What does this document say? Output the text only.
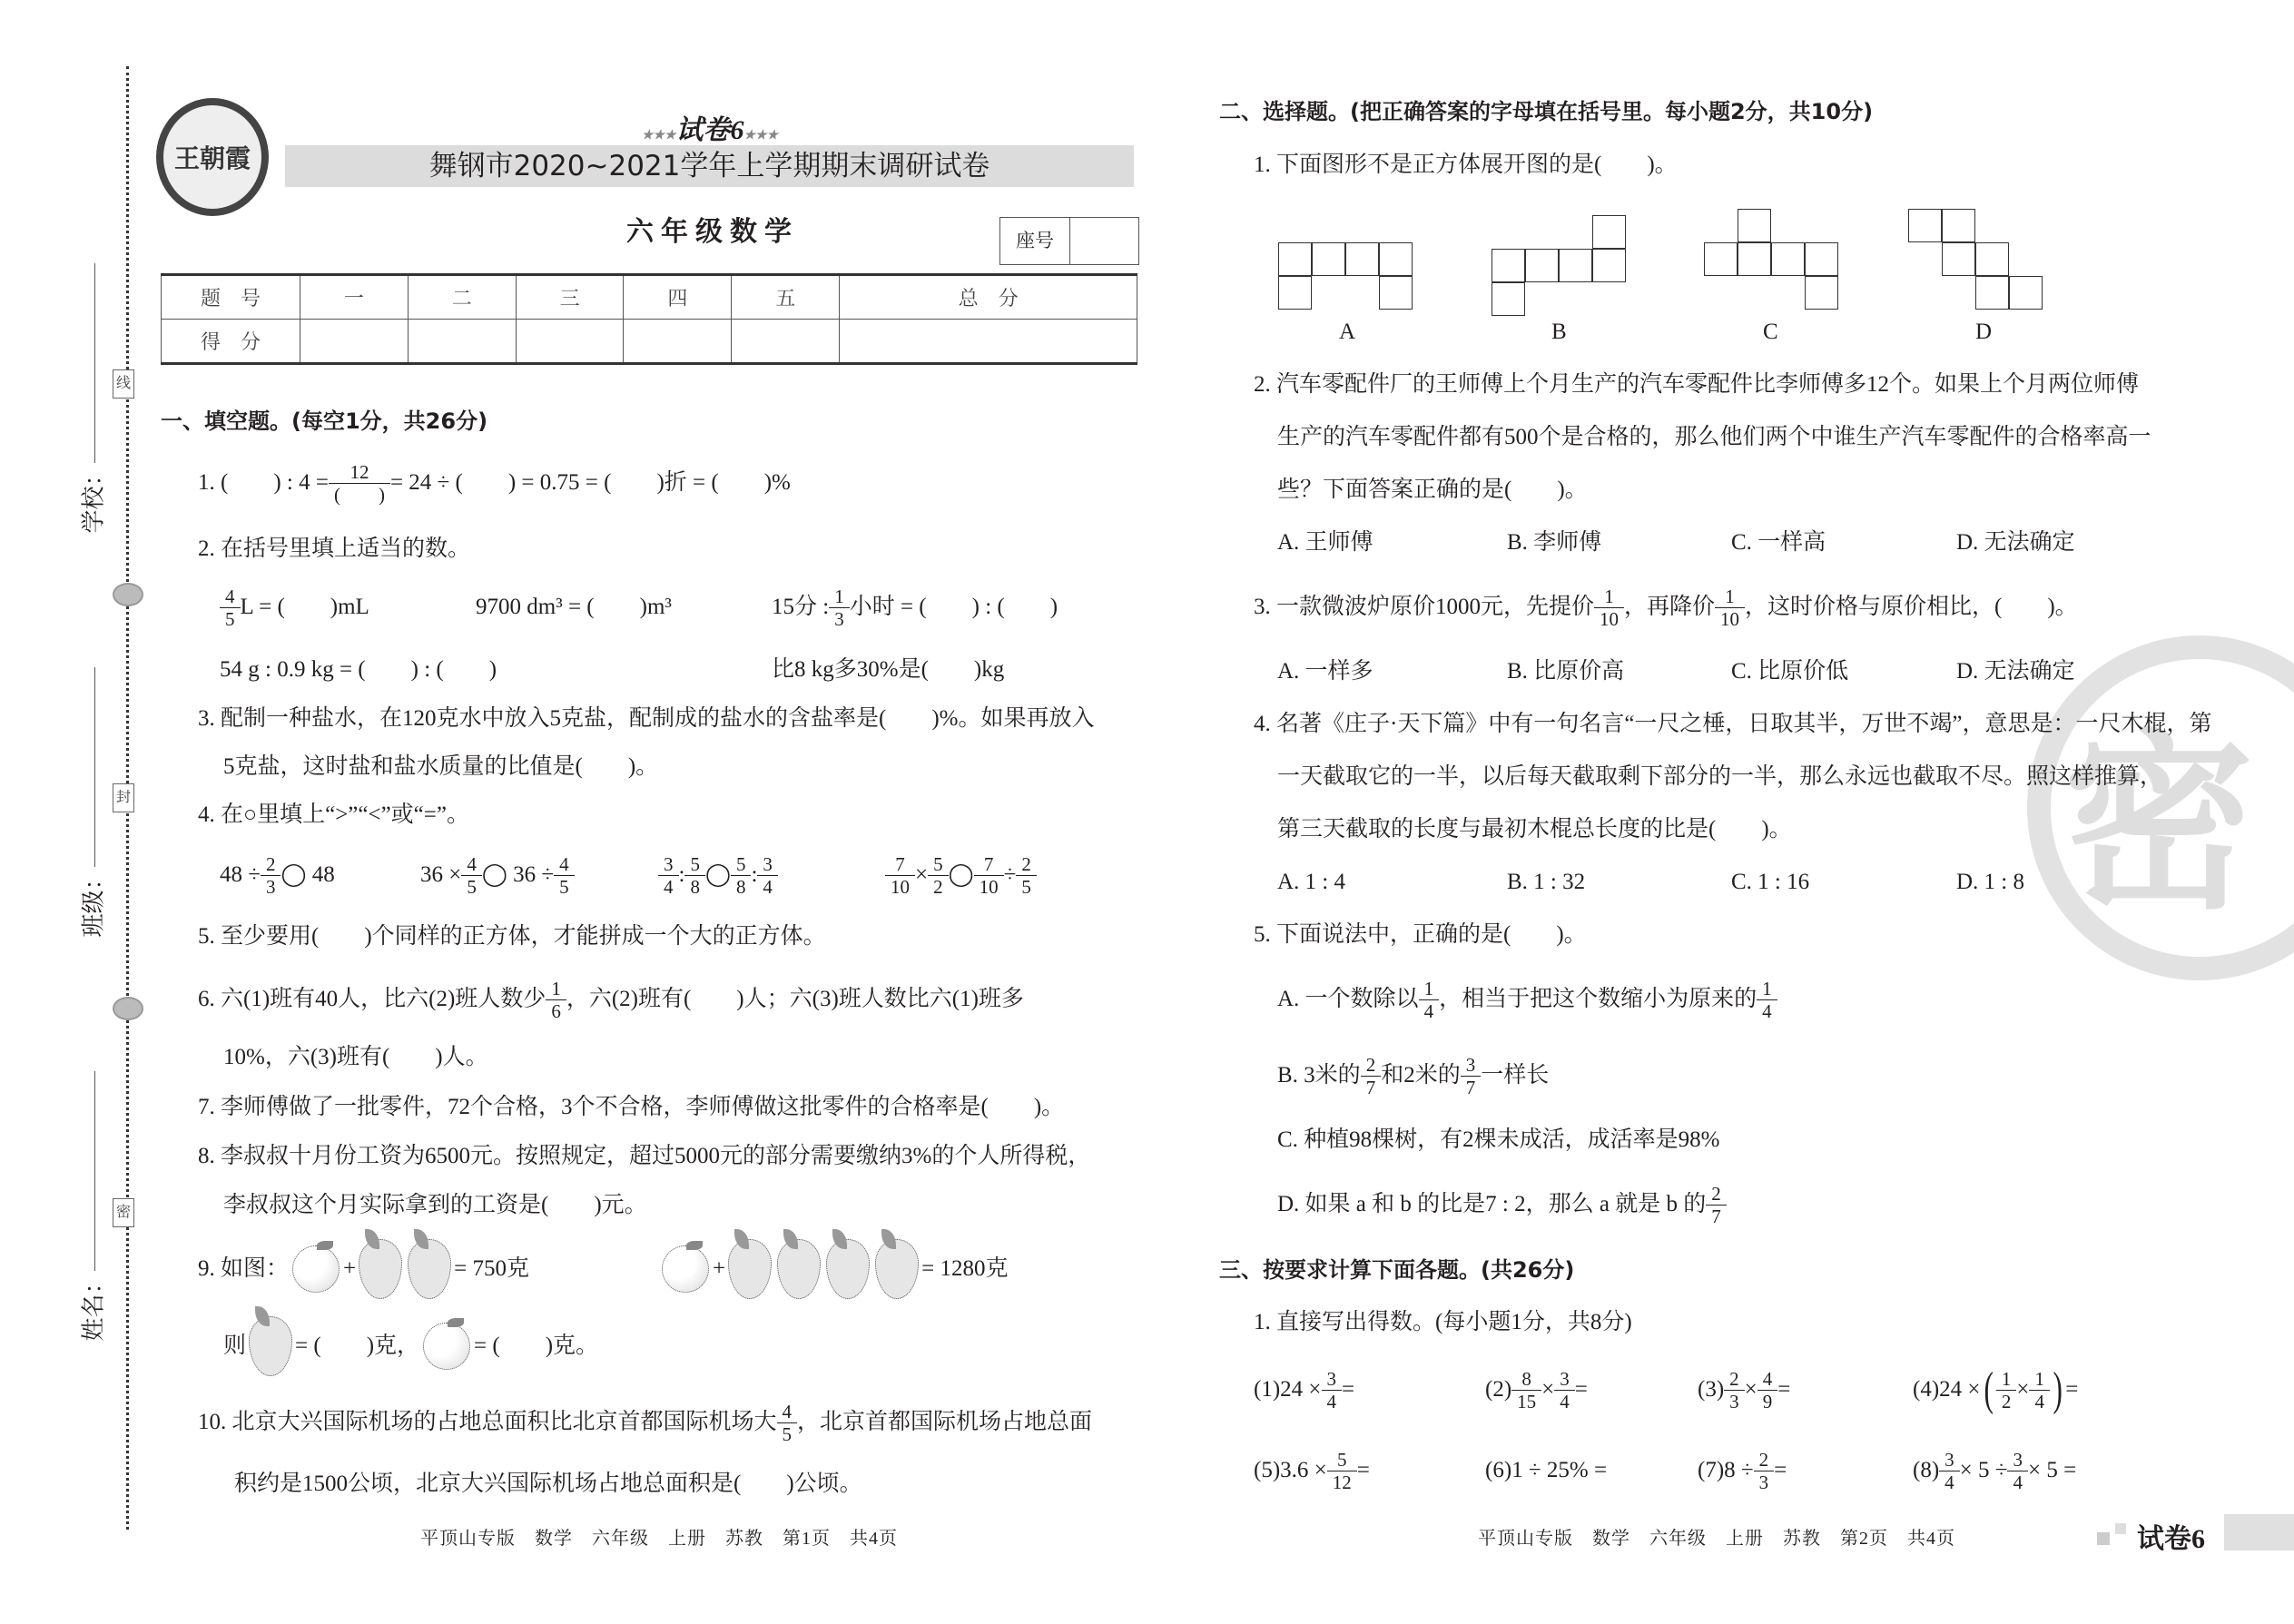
线
封
密
学校：
班级：
姓名：
王朝霞
★★★试卷6★★★
舞钢市2020~2021学年上学期期末调研试卷
六年级数学	座号
题　号	一	二	三	四	五	总　分
得　分						
一、填空题。(每空1分，共26分)
1. (　　) : $4 = \frac{12}{( )} = 24$ ÷ (　　) = 0.75 = (　　)折 = (　　)%
2. 在括号里填上适当的数。
$\frac{4}{5}$ L = (　　)mL	9700 dm³ = (　　)m³	15分 : $\frac{1}{3}$ 小时 = (　　) : (　　)
54 g : 0.9 kg = (　　) : (　　)	比8 kg多30%是(　　)kg
3. 配制一种盐水，在120克水中放入5克盐，配制成的盐水的含盐率是(　　)%。如果再放入
5克盐，这时盐和盐水质量的比值是(　　)。
4. 在○里填上“>”“<”或“=”。
$48 \div \frac{2}{3}$ ◯ 48	$36 \times \frac{4}{5}$ ◯ $36 \div \frac{4}{5}$	$\frac{3}{4}$ : $\frac{5}{8}$ ◯ $\frac{5}{8}$ : $\frac{3}{4}$	$\frac{7}{10} \times \frac{5}{2}$ ◯ $\frac{7}{10} \div \frac{2}{5}$
5. 至少要用(　　)个同样的正方体，才能拼成一个大的正方体。
6. 六(1)班有40人，比六(2)班人数少 $\frac{1}{6}$ ，六(2)班有(　　)人；六(3)班人数比六(1)班多
10%，六(3)班有(　　)人。
7. 李师傅做了一批零件，72个合格，3个不合格，李师傅做这批零件的合格率是(　　)。
8. 李叔叔十月份工资为6500元。按照规定，超过5000元的部分需要缴纳3%的个人所得税，
李叔叔这个月实际拿到的工资是(　　)元。
9. 如图： +	= 750克	+	= 1280克
则 = (　　)克， = (　　)克。
10. 北京大兴国际机场的占地总面积比北京首都国际机场大 $\frac{4}{5}$ ，北京首都国际机场占地总面
积约是1500公顷，北京大兴国际机场占地总面积是(　　)公顷。
平顶山专版　数学　六年级　上册　苏教　第1页　共4页
密
二、选择题。(把正确答案的字母填在括号里。每小题2分，共10分)
1. 下面图形不是正方体展开图的是(　　)。
A	B	C	D
2. 汽车零配件厂的王师傅上个月生产的汽车零配件比李师傅多12个。如果上个月两位师傅
生产的汽车零配件都有500个是合格的，那么他们两个中谁生产汽车零配件的合格率高一
些？下面答案正确的是(　　)。
A. 王师傅	B. 李师傅	C. 一样高	D. 无法确定
3. 一款微波炉原价1000元，先提价 $\frac{1}{10}$ ，再降价 $\frac{1}{10}$ ，这时价格与原价相比，(　　)。
A. 一样多	B. 比原价高	C. 比原价低	D. 无法确定
4. 名著《庄子·天下篇》中有一句名言“一尺之棰，日取其半，万世不竭”，意思是：一尺木棍，第
一天截取它的一半，以后每天截取剩下部分的一半，那么永远也截取不尽。照这样推算，
第三天截取的长度与最初木棍总长度的比是(　　)。
A. 1 : 4	B. 1 : 32	C. 1 : 16	D. 1 : 8
5. 下面说法中，正确的是(　　)。
A. 一个数除以 $\frac{1}{4}$ ，相当于把这个数缩小为原来的 $\frac{1}{4}$
B. 3米的 $\frac{2}{7}$ 和2米的 $\frac{3}{7}$ 一样长
C. 种植98棵树，有2棵未成活，成活率是98%
D. 如果 a 和 b 的比是7 : 2，那么 a 就是 b 的 $\frac{2}{7}$
三、按要求计算下面各题。(共26分)
1. 直接写出得数。(每小题1分，共8分)
$(1)24 \times \frac{3}{4}$ =	$(2) \frac{8}{15} \times \frac{3}{4}$ =	$(3) \frac{2}{3} \times \frac{4}{9}$ =	(4)24 × ( $\frac{1}{2} \times \frac{1}{4}$ ) =
$(5)3.6 \times \frac{5}{12}$ =	(6)1 ÷ 25% =	$(7)8 \div \frac{2}{3}$ =	$(8) \frac{3}{4} \times 5 \div \frac{3}{4} \times 5$ =
平顶山专版　数学　六年级　上册　苏教　第2页　共4页	试卷6
